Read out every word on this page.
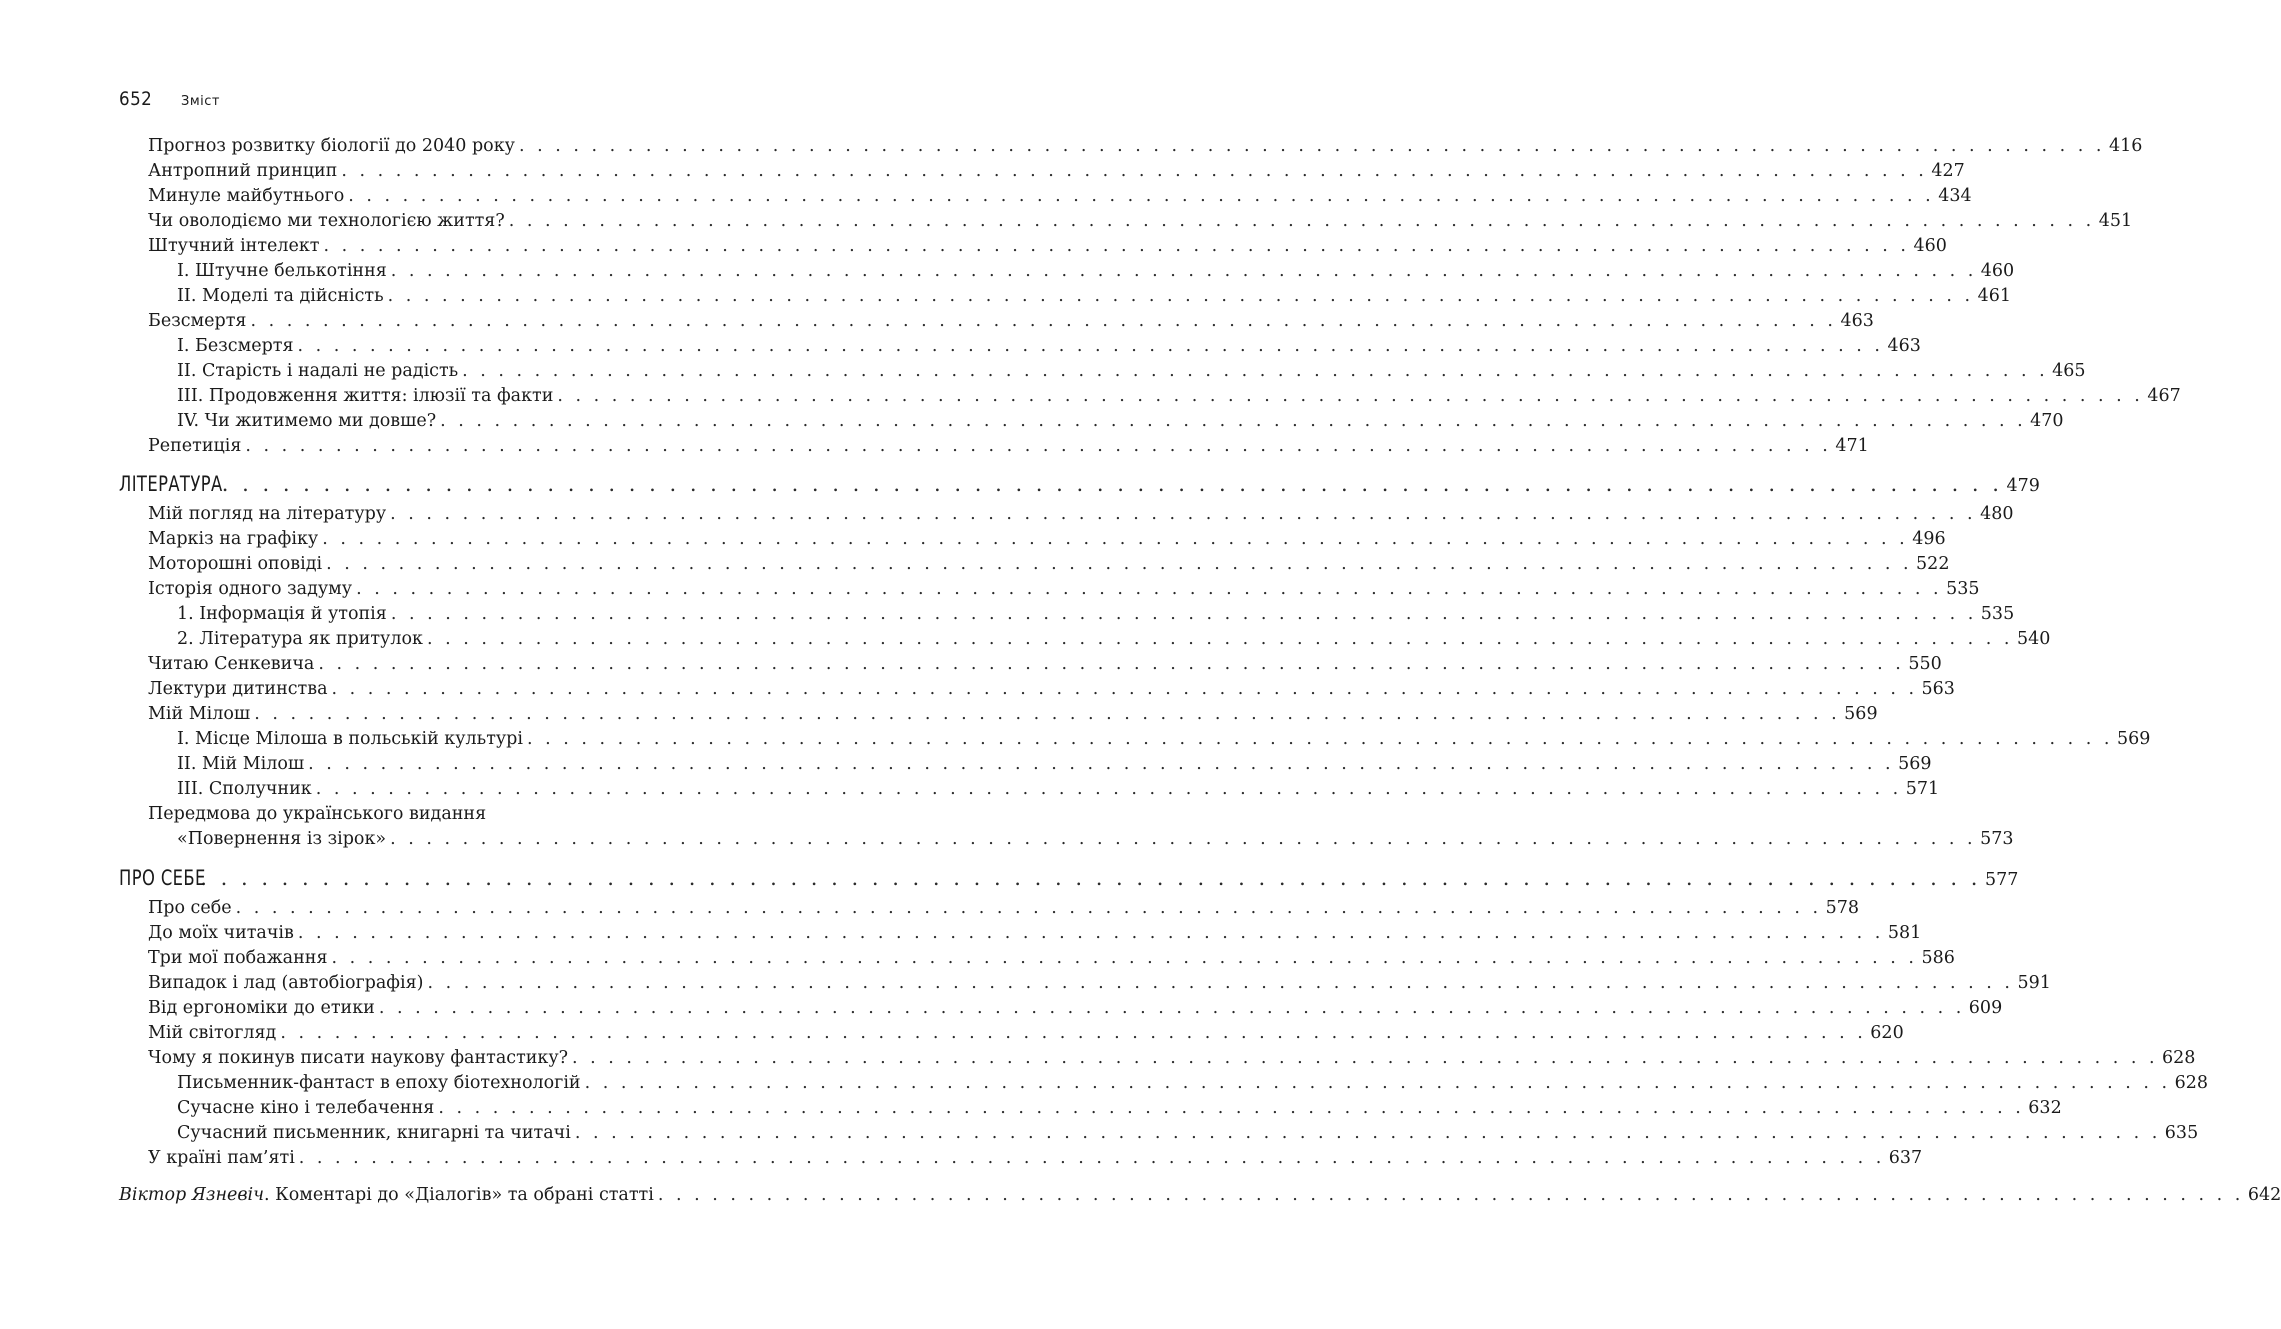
652	Зміст
Прогноз розвитку біології до 2040 року . . . . . . . . . . . . . . . . . . . . . . . . . . . . . . . . . . . . . . . . . . . . . . . . . . . . . . . . . . . . . . . . . . . . . . . . . . . . . . . . . . . . . . . . 416
Антропний принцип . . . . . . . . . . . . . . . . . . . . . . . . . . . . . . . . . . . . . . . . . . . . . . . . . . . . . . . . . . . . . . . . . . . . . . . . . . . . . . . . . . . . . . . . 427
Минуле майбутнього . . . . . . . . . . . . . . . . . . . . . . . . . . . . . . . . . . . . . . . . . . . . . . . . . . . . . . . . . . . . . . . . . . . . . . . . . . . . . . . . . . . . . . . . 434
Чи оволодіємо ми технологією життя? . . . . . . . . . . . . . . . . . . . . . . . . . . . . . . . . . . . . . . . . . . . . . . . . . . . . . . . . . . . . . . . . . . . . . . . . . . . . . . . . . . . . . . . . 451
Штучний інтелект . . . . . . . . . . . . . . . . . . . . . . . . . . . . . . . . . . . . . . . . . . . . . . . . . . . . . . . . . . . . . . . . . . . . . . . . . . . . . . . . . . . . . . . . 460
I. Штучне белькотіння . . . . . . . . . . . . . . . . . . . . . . . . . . . . . . . . . . . . . . . . . . . . . . . . . . . . . . . . . . . . . . . . . . . . . . . . . . . . . . . . . . . . . . . . 460
II. Моделі та дійсність . . . . . . . . . . . . . . . . . . . . . . . . . . . . . . . . . . . . . . . . . . . . . . . . . . . . . . . . . . . . . . . . . . . . . . . . . . . . . . . . . . . . . . . . 461
Безсмертя . . . . . . . . . . . . . . . . . . . . . . . . . . . . . . . . . . . . . . . . . . . . . . . . . . . . . . . . . . . . . . . . . . . . . . . . . . . . . . . . . . . . . . . . 463
I. Безсмертя . . . . . . . . . . . . . . . . . . . . . . . . . . . . . . . . . . . . . . . . . . . . . . . . . . . . . . . . . . . . . . . . . . . . . . . . . . . . . . . . . . . . . . . . 463
II. Старість і надалі не радість . . . . . . . . . . . . . . . . . . . . . . . . . . . . . . . . . . . . . . . . . . . . . . . . . . . . . . . . . . . . . . . . . . . . . . . . . . . . . . . . . . . . . . . . 465
III. Продовження життя: ілюзії та факти . . . . . . . . . . . . . . . . . . . . . . . . . . . . . . . . . . . . . . . . . . . . . . . . . . . . . . . . . . . . . . . . . . . . . . . . . . . . . . . . . . . . . . . . 467
IV. Чи житимемо ми довше? . . . . . . . . . . . . . . . . . . . . . . . . . . . . . . . . . . . . . . . . . . . . . . . . . . . . . . . . . . . . . . . . . . . . . . . . . . . . . . . . . . . . . . . . 470
Репетиція . . . . . . . . . . . . . . . . . . . . . . . . . . . . . . . . . . . . . . . . . . . . . . . . . . . . . . . . . . . . . . . . . . . . . . . . . . . . . . . . . . . . . . . . 471
ЛІТЕРАТУРА . . . . . . . . . . . . . . . . . . . . . . . . . . . . . . . . . . . . . . . . . . . . . . . . . . . . . . . . . . . . . . . . . . . . . . . . . . . . . . . . . . . . . . . . 479
Мій погляд на літературу . . . . . . . . . . . . . . . . . . . . . . . . . . . . . . . . . . . . . . . . . . . . . . . . . . . . . . . . . . . . . . . . . . . . . . . . . . . . . . . . . . . . . . . . 480
Маркіз на графіку . . . . . . . . . . . . . . . . . . . . . . . . . . . . . . . . . . . . . . . . . . . . . . . . . . . . . . . . . . . . . . . . . . . . . . . . . . . . . . . . . . . . . . . . 496
Моторошні оповіді . . . . . . . . . . . . . . . . . . . . . . . . . . . . . . . . . . . . . . . . . . . . . . . . . . . . . . . . . . . . . . . . . . . . . . . . . . . . . . . . . . . . . . . . 522
Історія одного задуму . . . . . . . . . . . . . . . . . . . . . . . . . . . . . . . . . . . . . . . . . . . . . . . . . . . . . . . . . . . . . . . . . . . . . . . . . . . . . . . . . . . . . . . . 535
1. Інформація й утопія . . . . . . . . . . . . . . . . . . . . . . . . . . . . . . . . . . . . . . . . . . . . . . . . . . . . . . . . . . . . . . . . . . . . . . . . . . . . . . . . . . . . . . . . 535
2. Література як притулок . . . . . . . . . . . . . . . . . . . . . . . . . . . . . . . . . . . . . . . . . . . . . . . . . . . . . . . . . . . . . . . . . . . . . . . . . . . . . . . . . . . . . . . . 540
Читаю Сенкевича . . . . . . . . . . . . . . . . . . . . . . . . . . . . . . . . . . . . . . . . . . . . . . . . . . . . . . . . . . . . . . . . . . . . . . . . . . . . . . . . . . . . . . . . 550
Лектури дитинства . . . . . . . . . . . . . . . . . . . . . . . . . . . . . . . . . . . . . . . . . . . . . . . . . . . . . . . . . . . . . . . . . . . . . . . . . . . . . . . . . . . . . . . . 563
Мій Мілош . . . . . . . . . . . . . . . . . . . . . . . . . . . . . . . . . . . . . . . . . . . . . . . . . . . . . . . . . . . . . . . . . . . . . . . . . . . . . . . . . . . . . . . . 569
I. Місце Мілоша в польській культурі . . . . . . . . . . . . . . . . . . . . . . . . . . . . . . . . . . . . . . . . . . . . . . . . . . . . . . . . . . . . . . . . . . . . . . . . . . . . . . . . . . . . . . . . 569
II. Мій Мілош . . . . . . . . . . . . . . . . . . . . . . . . . . . . . . . . . . . . . . . . . . . . . . . . . . . . . . . . . . . . . . . . . . . . . . . . . . . . . . . . . . . . . . . . 569
III. Сполучник . . . . . . . . . . . . . . . . . . . . . . . . . . . . . . . . . . . . . . . . . . . . . . . . . . . . . . . . . . . . . . . . . . . . . . . . . . . . . . . . . . . . . . . . 571
Передмова до українського видання
«Повернення із зірок» . . . . . . . . . . . . . . . . . . . . . . . . . . . . . . . . . . . . . . . . . . . . . . . . . . . . . . . . . . . . . . . . . . . . . . . . . . . . . . . . . . . . . . . . 573
ПРО СЕБЕ
. . . . . . . . . . . . . . . . . . . . . . . . . . . . . . . . . . . . . . . . . . . . . . . . . . . . . . . . . . . . . . . . . . . . . . . . . . . . . . . . . . . . . . . . 577
Про себе . . . . . . . . . . . . . . . . . . . . . . . . . . . . . . . . . . . . . . . . . . . . . . . . . . . . . . . . . . . . . . . . . . . . . . . . . . . . . . . . . . . . . . . . 578
До моїх читачів . . . . . . . . . . . . . . . . . . . . . . . . . . . . . . . . . . . . . . . . . . . . . . . . . . . . . . . . . . . . . . . . . . . . . . . . . . . . . . . . . . . . . . . . 581
Три мої побажання . . . . . . . . . . . . . . . . . . . . . . . . . . . . . . . . . . . . . . . . . . . . . . . . . . . . . . . . . . . . . . . . . . . . . . . . . . . . . . . . . . . . . . . . 586
Випадок і лад (автобіографія) . . . . . . . . . . . . . . . . . . . . . . . . . . . . . . . . . . . . . . . . . . . . . . . . . . . . . . . . . . . . . . . . . . . . . . . . . . . . . . . . . . . . . . . . 591
Від ергономіки до етики . . . . . . . . . . . . . . . . . . . . . . . . . . . . . . . . . . . . . . . . . . . . . . . . . . . . . . . . . . . . . . . . . . . . . . . . . . . . . . . . . . . . . . . . 609
Мій світогляд . . . . . . . . . . . . . . . . . . . . . . . . . . . . . . . . . . . . . . . . . . . . . . . . . . . . . . . . . . . . . . . . . . . . . . . . . . . . . . . . . . . . . . . . 620
Чому я покинув писати наукову фантастику? . . . . . . . . . . . . . . . . . . . . . . . . . . . . . . . . . . . . . . . . . . . . . . . . . . . . . . . . . . . . . . . . . . . . . . . . . . . . . . . . . . . . . . . . 628
Письменник-фантаст в епоху біотехнологій . . . . . . . . . . . . . . . . . . . . . . . . . . . . . . . . . . . . . . . . . . . . . . . . . . . . . . . . . . . . . . . . . . . . . . . . . . . . . . . . . . . . . . . . 628
Сучасне кіно і телебачення . . . . . . . . . . . . . . . . . . . . . . . . . . . . . . . . . . . . . . . . . . . . . . . . . . . . . . . . . . . . . . . . . . . . . . . . . . . . . . . . . . . . . . . . 632
Сучасний письменник, книгарні та читачі . . . . . . . . . . . . . . . . . . . . . . . . . . . . . . . . . . . . . . . . . . . . . . . . . . . . . . . . . . . . . . . . . . . . . . . . . . . . . . . . . . . . . . . . 635
У країні пам’яті . . . . . . . . . . . . . . . . . . . . . . . . . . . . . . . . . . . . . . . . . . . . . . . . . . . . . . . . . . . . . . . . . . . . . . . . . . . . . . . . . . . . . . . . 637
Віктор Язневіч. Коментарі до «Діалогів» та обрані статті . . . . . . . . . . . . . . . . . . . . . . . . . . . . . . . . . . . . . . . . . . . . . . . . . . . . . . . . . . . . . . . . . . . . . . . . . . . . . . . . . . . . . . . . 642
